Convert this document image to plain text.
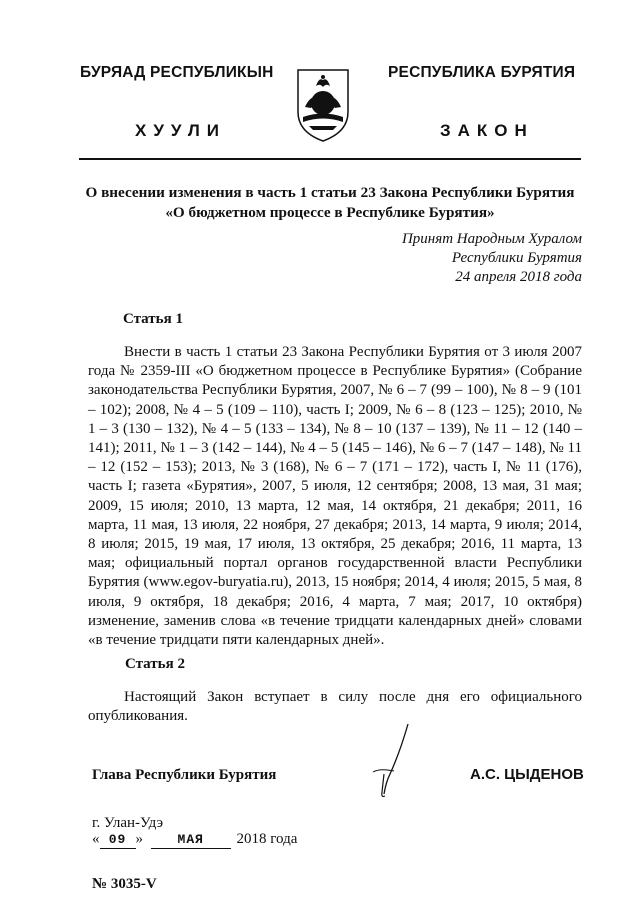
БУРЯАД РЕСПУБЛИКЫН
ХУУЛИ
РЕСПУБЛИКА БУРЯТИЯ
ЗАКОН
О внесении изменения в часть 1 статьи 23 Закона Республики Бурятия
«О бюджетном процессе в Республике Бурятия»
Принят Народным Хуралом
Республики Бурятия
24 апреля 2018 года
Статья 1
Внести в часть 1 статьи 23 Закона Республики Бурятия от 3 июля 2007 года № 2359-III «О бюджетном процессе в Республике Бурятия» (Собрание законодательства Республики Бурятия, 2007, № 6 – 7 (99 – 100), № 8 – 9 (101 – 102); 2008, № 4 – 5 (109 – 110), часть I; 2009, № 6 – 8 (123 – 125); 2010, № 1 – 3 (130 – 132), № 4 – 5 (133 – 134), № 8 – 10 (137 – 139), № 11 – 12 (140 – 141); 2011, № 1 – 3 (142 – 144), № 4 – 5 (145 – 146), № 6 – 7 (147 – 148), № 11 – 12 (152 – 153); 2013, № 3 (168), № 6 – 7 (171 – 172), часть I, № 11 (176), часть I; газета «Бурятия», 2007, 5 июля, 12 сентября; 2008, 13 мая, 31 мая; 2009, 15 июля; 2010, 13 марта, 12 мая, 14 октября, 21 декабря; 2011, 16 марта, 11 мая, 13 июля, 22 ноября, 27 декабря; 2013, 14 марта, 9 июля; 2014, 8 июля; 2015, 19 мая, 17 июля, 13 октября, 25 декабря; 2016, 11 марта, 13 мая; официальный портал органов государственной власти Республики Бурятия (www.egov-buryatia.ru), 2013, 15 ноября; 2014, 4 июля; 2015, 5 мая, 8 июля, 9 октября, 18 декабря; 2016, 4 марта, 7 мая; 2017, 10 октября) изменение, заменив слова «в течение тридцати календарных дней» словами «в течение тридцати пяти календарных дней».
Статья 2
Настоящий Закон вступает в силу после дня его официального опубликования.
Глава Республики Бурятия	А.С. ЦЫДЕНОВ
г. Улан-Удэ
« 09 »	МАЯ 2018 года
№ 3035-V
